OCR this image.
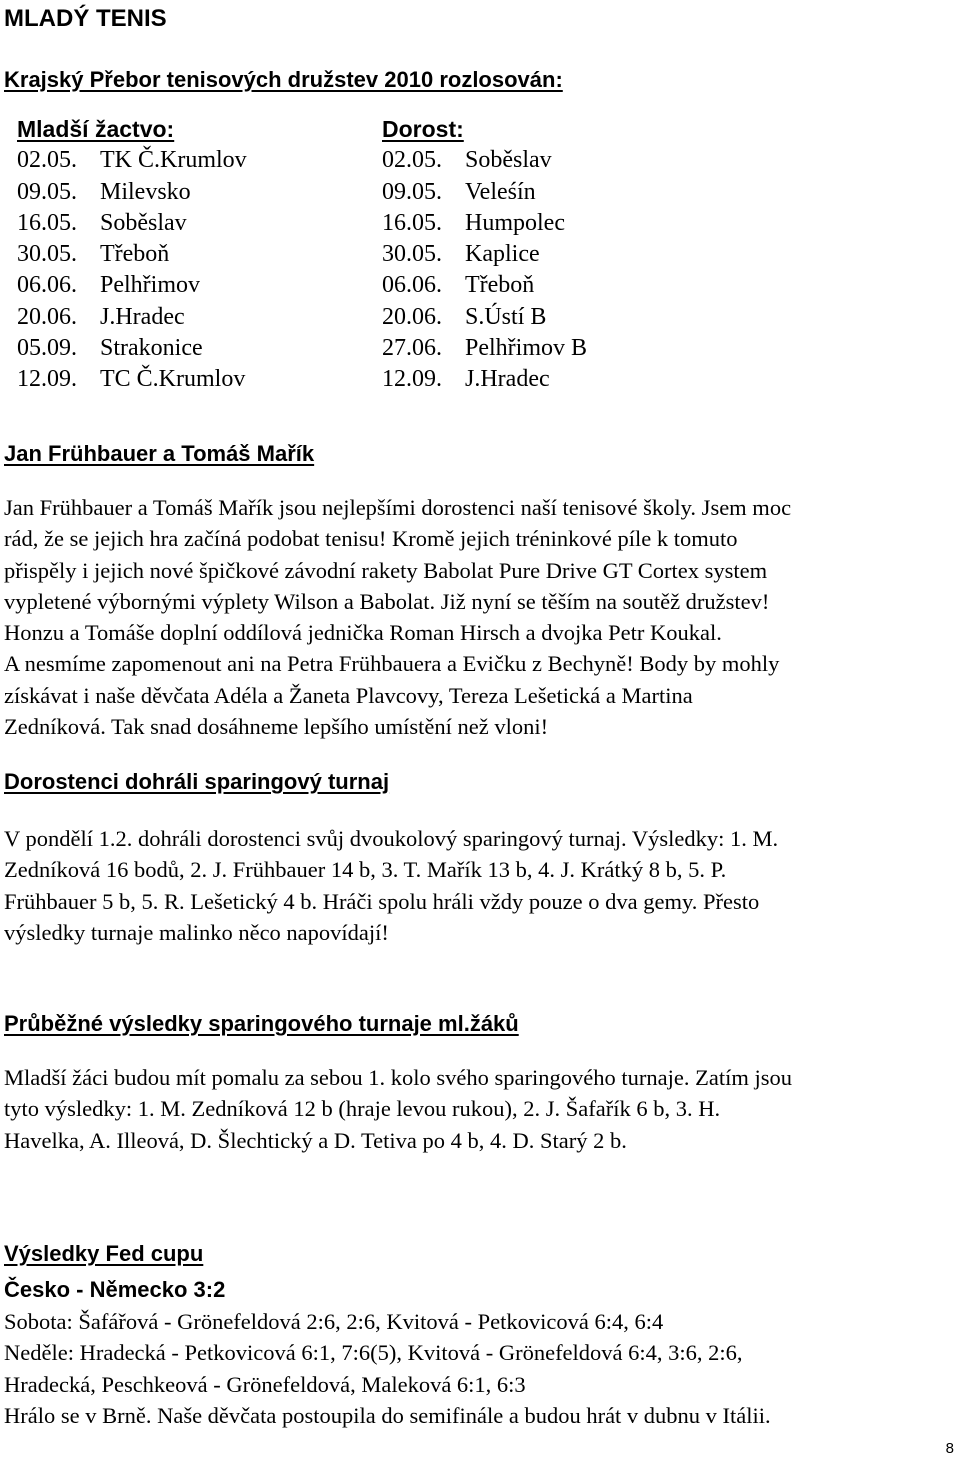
MLADÝ TENIS
Krajský Přebor tenisových družstev 2010 rozlosován:
Mladší žactvo:
02.05. TK Č.Krumlov
09.05. Milevsko
16.05. Soběslav
30.05. Třeboň
06.06. Pelhřimov
20.06. J.Hradec
05.09. Strakonice
12.09. TC Č.Krumlov
Dorost:
02.05. Soběslav
09.05. Veleśín
16.05. Humpolec
30.05. Kaplice
06.06. Třeboň
20.06. S.Ústí B
27.06. Pelhřimov B
12.09. J.Hradec
Jan Frühbauer a Tomáš Mařík
Jan Frühbauer a Tomáš Mařík jsou nejlepšími dorostenci naší tenisové školy. Jsem moc
rád, že se jejich hra začíná podobat tenisu! Kromě jejich tréninkové píle k tomuto
přispěly i jejich nové špičkové závodní rakety Babolat Pure Drive GT Cortex system
vypletené výbornými výplety Wilson a Babolat. Již nyní se těším na soutěž družstev!
Honzu a Tomáše doplní oddílová jednička Roman Hirsch a dvojka Petr Koukal.
A nesmíme zapomenout ani na Petra Frühbauera a Evičku z Bechyně! Body by mohly
získávat i naše děvčata Adéla a Žaneta Plavcovy, Tereza Lešetická a Martina
Zedníková. Tak snad dosáhneme lepšího umístění než vloni!
Dorostenci dohráli sparingový turnaj
V pondělí 1.2. dohráli dorostenci svůj dvoukolový sparingový turnaj. Výsledky: 1. M.
Zedníková 16 bodů, 2. J. Frühbauer 14 b, 3. T. Mařík 13 b, 4. J. Krátký 8 b, 5. P.
Frühbauer 5 b, 5. R. Lešetický 4 b. Hráči spolu hráli vždy pouze o dva gemy. Přesto
výsledky turnaje malinko něco napovídají!
Průběžné výsledky sparingového turnaje ml.žáků
Mladší žáci budou mít pomalu za sebou 1. kolo svého sparingového turnaje. Zatím jsou
tyto výsledky: 1. M. Zedníková 12 b (hraje levou rukou), 2. J. Šafařík 6 b, 3. H.
Havelka, A. Illeová, D. Šlechtický a D. Tetiva po 4 b, 4. D. Starý 2 b.
Výsledky Fed cupu
Česko - Německo 3:2
Sobota: Šafářová - Grönefeldová 2:6, 2:6, Kvitová - Petkovicová 6:4, 6:4
Neděle: Hradecká - Petkovicová 6:1, 7:6(5), Kvitová - Grönefeldová 6:4, 3:6, 2:6,
Hradecká, Peschkeová - Grönefeldová, Maleková 6:1, 6:3
Hrálo se v Brně. Naše děvčata postoupila do semifinále a budou hrát v dubnu v Itálii.
8
